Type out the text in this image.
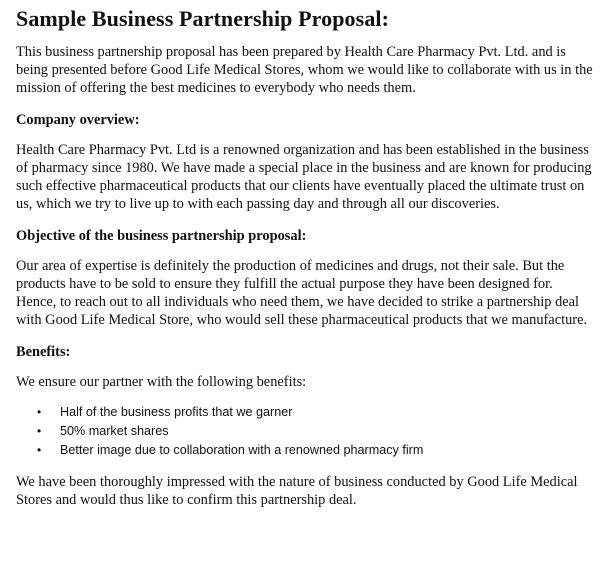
Sample Business Partnership Proposal:

This business partnership proposal has been prepared by Health Care Pharmacy Pvt. Ltd. and is being presented before Good Life Medical Stores, whom we would like to collaborate with us in the mission of offering the best medicines to everybody who needs them.

Company overview:

Health Care Pharmacy Pvt. Ltd is a renowned organization and has been established in the business of pharmacy since 1980. We have made a special place in the business and are known for producing such effective pharmaceutical products that our clients have eventually placed the ultimate trust on us, which we try to live up to with each passing day and through all our discoveries.

Objective of the business partnership proposal:

Our area of expertise is definitely the production of medicines and drugs, not their sale. But the products have to be sold to ensure they fulfill the actual purpose they have been designed for. Hence, to reach out to all individuals who need them, we have decided to strike a partnership deal with Good Life Medical Store, who would sell these pharmaceutical products that we manufacture.

Benefits:

We ensure our partner with the following benefits:

• Half of the business profits that we garner
• 50% market shares
• Better image due to collaboration with a renowned pharmacy firm

We have been thoroughly impressed with the nature of business conducted by Good Life Medical Stores and would thus like to confirm this partnership deal.
